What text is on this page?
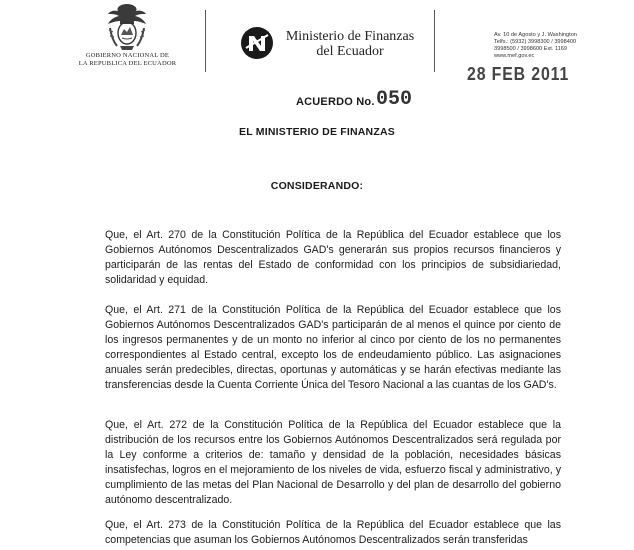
GOBIERNO NACIONAL DE
LA REPUBLICA DEL ECUADOR
Ministerio de Finanzas
del Ecuador
Av. 10 de Agosto y J. Washington
Telfs.: (5932) 3998300 / 3998400
3998500 / 3998600 Ext. 1169
www.mef.gov.ec
28 FEB 2011
ACUERDO No. 050
EL MINISTERIO DE FINANZAS
CONSIDERANDO:

Que, el Art. 270 de la Constitución Política de la República del Ecuador establece que los Gobiernos Autónomos Descentralizados GAD's generarán sus propios recursos financieros y participarán de las rentas del Estado de conformidad con los principios de subsidiariedad, solidaridad y equidad.

Que, el Art. 271 de la Constitución Política de la República del Ecuador establece que los Gobiernos Autónomos Descentralizados GAD's participarán de al menos el quince por ciento de los ingresos permanentes y de un monto no inferior al cinco por ciento de los no permanentes correspondientes al Estado central, excepto los de endeudamiento público. Las asignaciones anuales serán predecibles, directas, oportunas y automáticas y se harán efectivas mediante las transferencias desde la Cuenta Corriente Única del Tesoro Nacional a las cuantas de los GAD's.

Que, el Art. 272 de la Constitución Política de la República del Ecuador establece que la distribución de los recursos entre los Gobiernos Autónomos Descentralizados será regulada por la Ley conforme a criterios de: tamaño y densidad de la población, necesidades básicas insatisfechas, logros en el mejoramiento de los niveles de vida, esfuerzo fiscal y administrativo, y cumplimiento de las metas del Plan Nacional de Desarrollo y del plan de desarrollo del gobierno autónomo descentralizado.

Que, el Art. 273 de la Constitución Política de la República del Ecuador establece que las competencias que asuman los Gobiernos Autónomos Descentralizados serán transferidas
